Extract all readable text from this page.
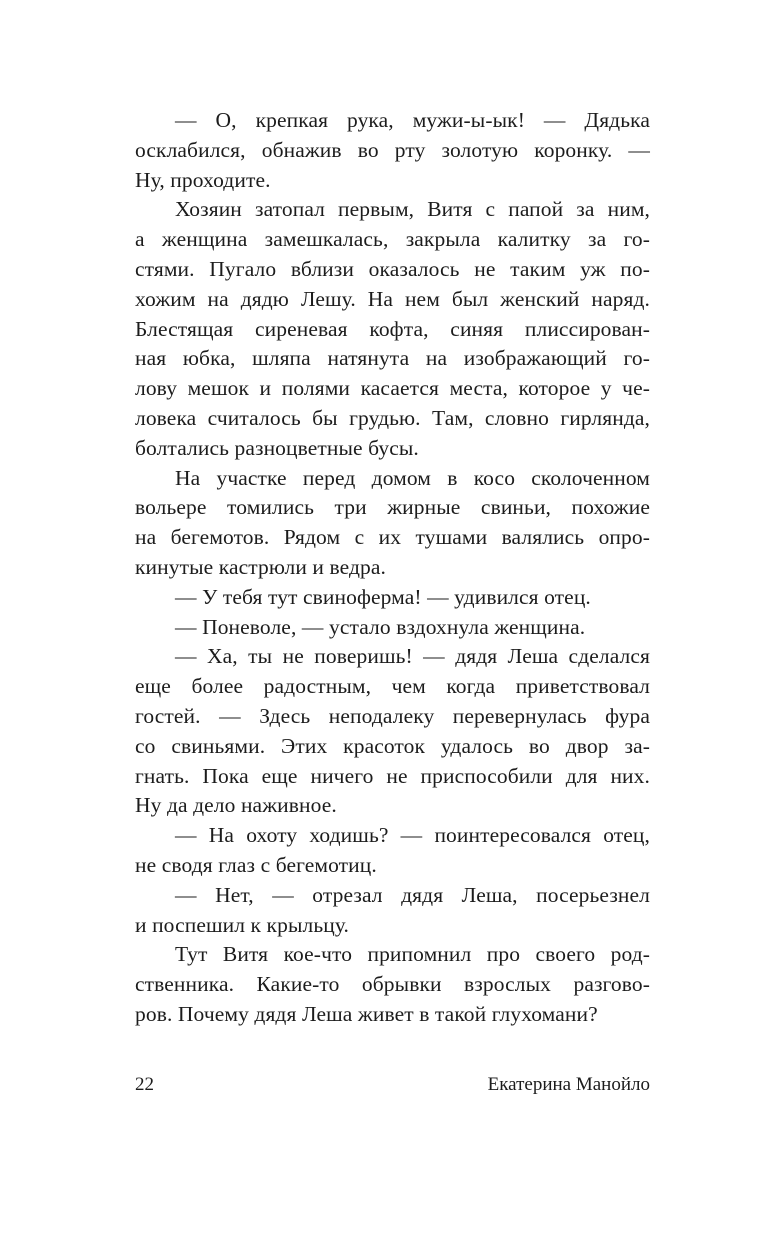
— О, крепкая рука, мужи-ы-ык! — Дядька
осклабился, обнажив во рту золотую коронку. —
Ну, проходите.
Хозяин затопал первым, Витя с папой за ним,
а женщина замешкалась, закрыла калитку за го-
стями. Пугало вблизи оказалось не таким уж по-
хожим на дядю Лешу. На нем был женский наряд.
Блестящая сиреневая кофта, синяя плиссирован-
ная юбка, шляпа натянута на изображающий го-
лову мешок и полями касается места, которое у че-
ловека считалось бы грудью. Там, словно гирлянда,
болтались разноцветные бусы.
На участке перед домом в косо сколоченном
вольере томились три жирные свиньи, похожие
на бегемотов. Рядом с их тушами валялись опро-
кинутые кастрюли и ведра.
— У тебя тут свиноферма! — удивился отец.
— Поневоле, — устало вздохнула женщина.
— Ха, ты не поверишь! — дядя Леша сделался
еще более радостным, чем когда приветствовал
гостей. — Здесь неподалеку перевернулась фура
со свиньями. Этих красоток удалось во двор за-
гнать. Пока еще ничего не приспособили для них.
Ну да дело наживное.
— На охоту ходишь? — поинтересовался отец,
не сводя глаз с бегемотиц.
— Нет, — отрезал дядя Леша, посерьезнел
и поспешил к крыльцу.
Тут Витя кое-что припомнил про своего род-
ственника. Какие-то обрывки взрослых разгово-
ров. Почему дядя Леша живет в такой глухомани?
22	Екатерина Манойло
